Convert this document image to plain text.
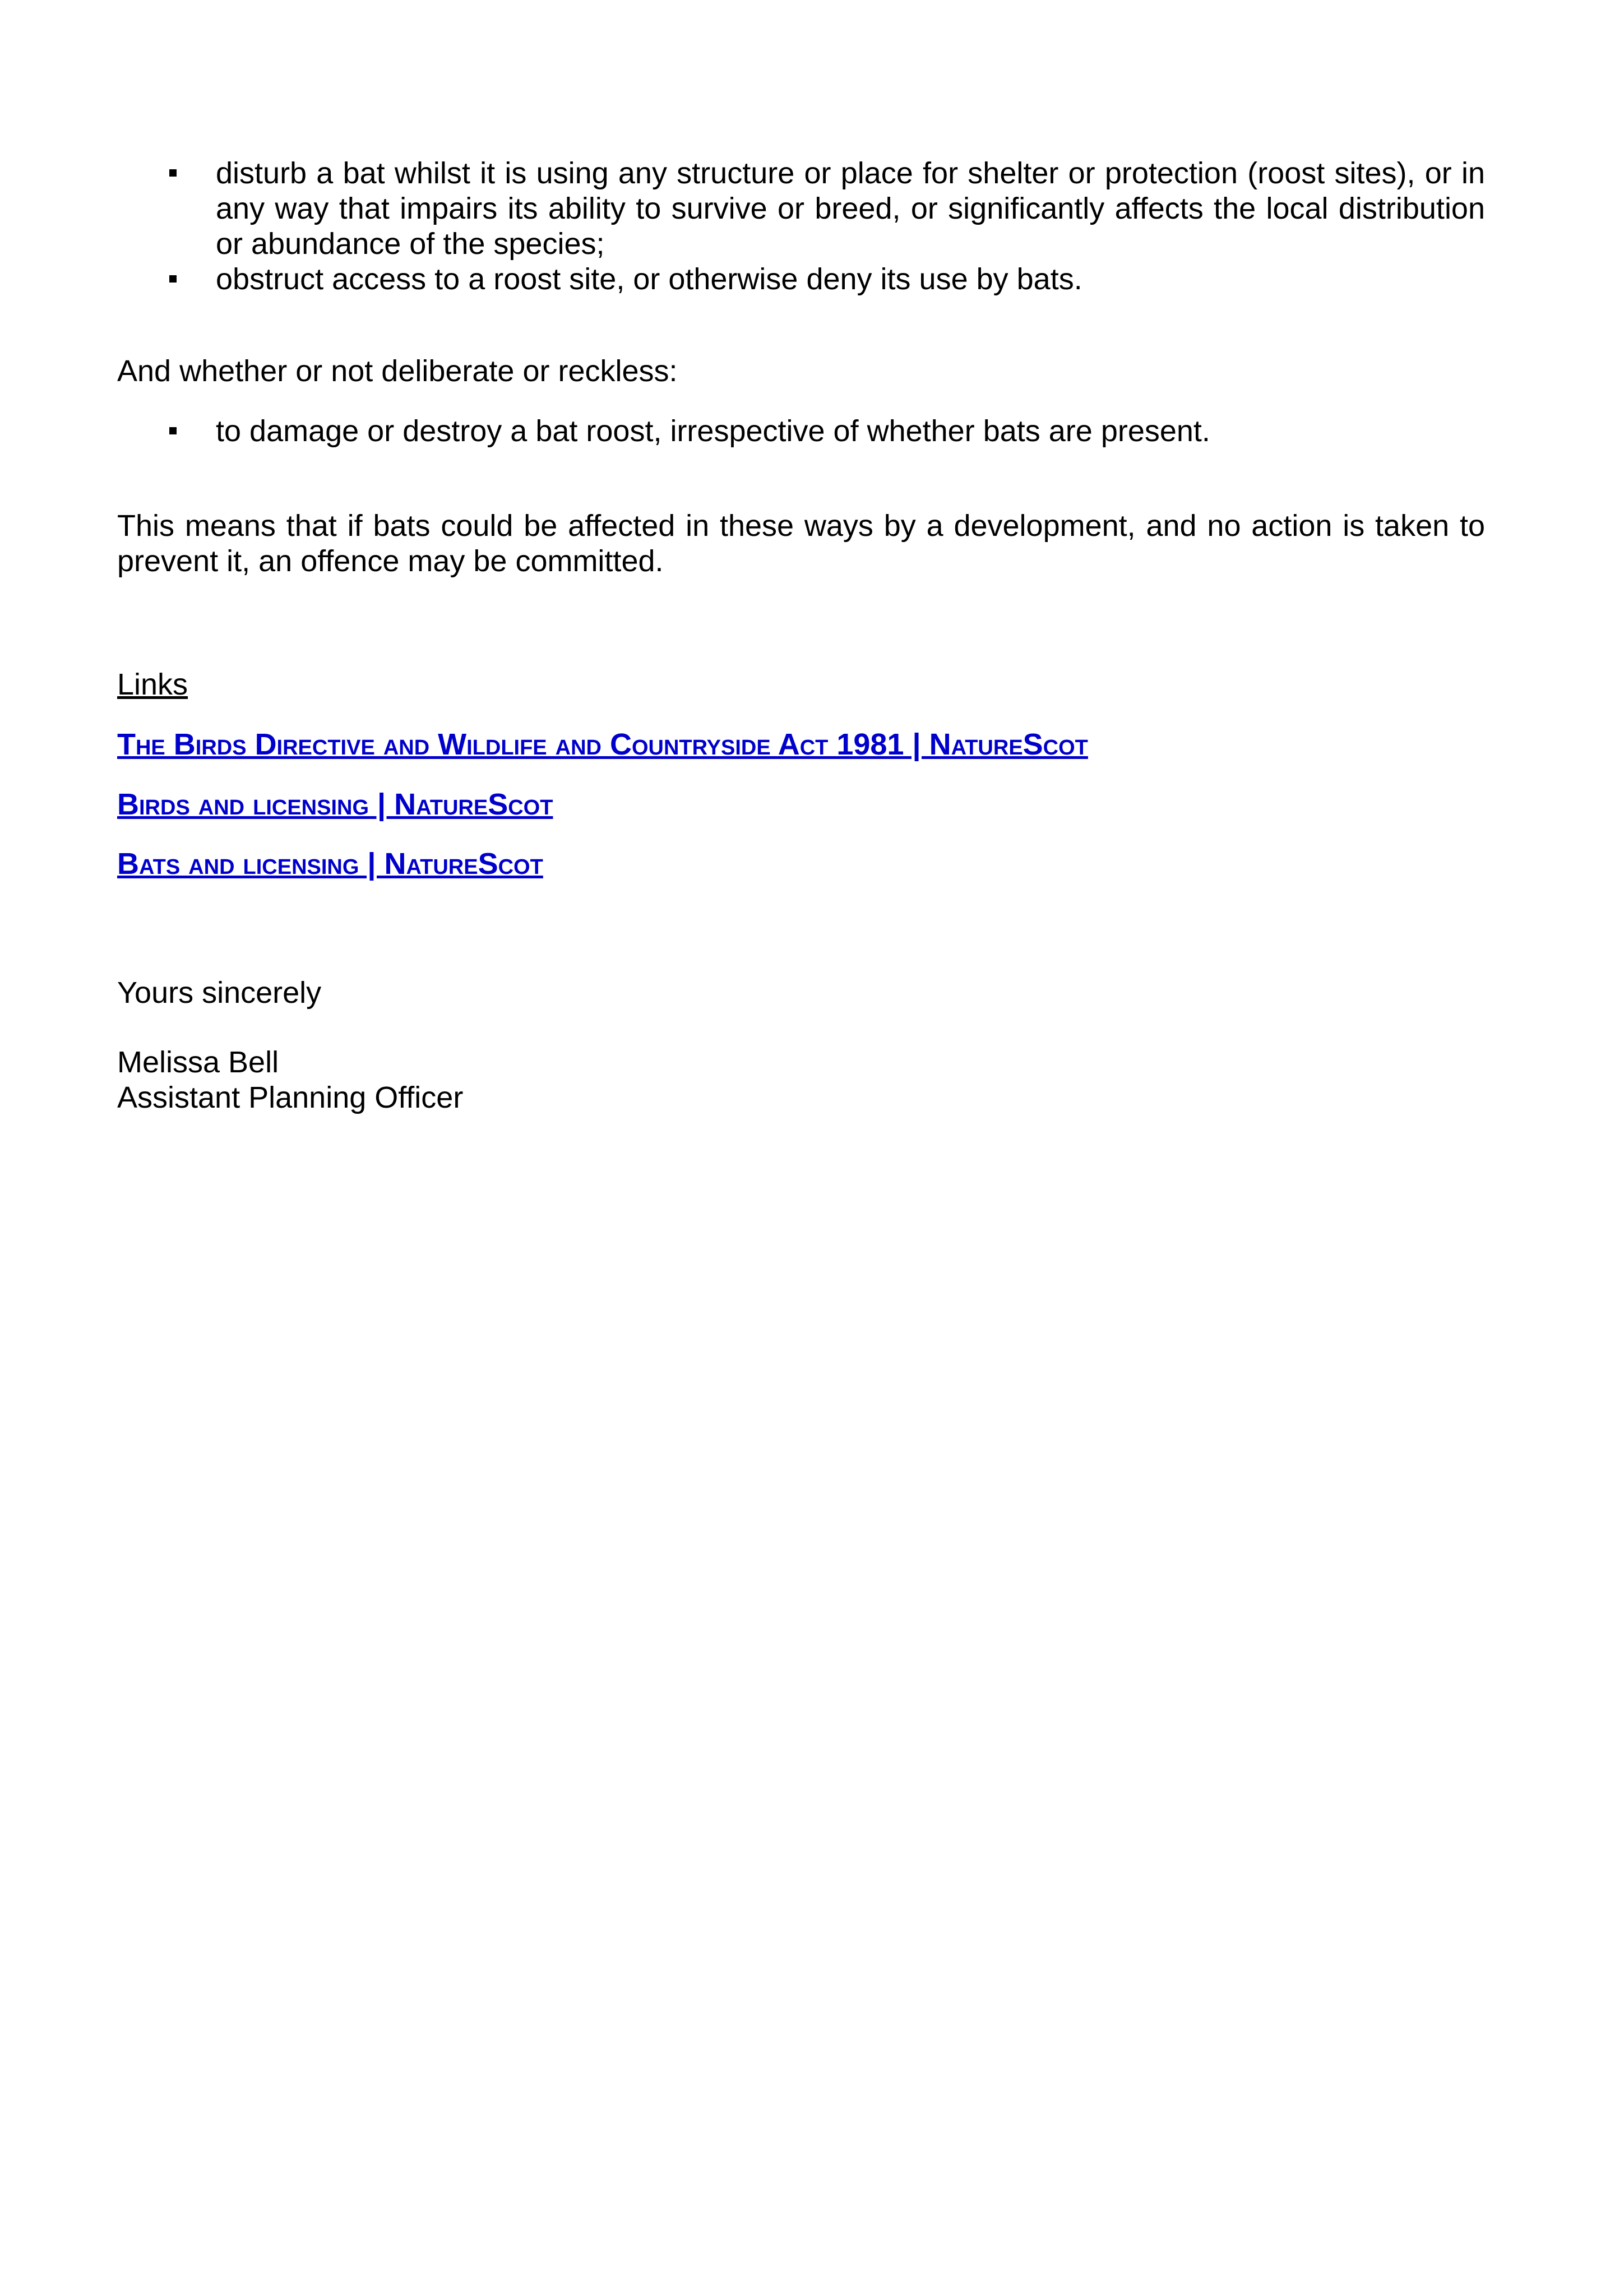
disturb a bat whilst it is using any structure or place for shelter or protection (roost sites), or in any way that impairs its ability to survive or breed, or significantly affects the local distribution or abundance of the species;
obstruct access to a roost site, or otherwise deny its use by bats.
And whether or not deliberate or reckless:
to damage or destroy a bat roost, irrespective of whether bats are present.
This means that if bats could be affected in these ways by a development, and no action is taken to prevent it, an offence may be committed.
Links
The Birds Directive and Wildlife and Countryside Act 1981 | NatureScot
Birds and licensing | NatureScot
Bats and licensing | NatureScot
Yours sincerely
Melissa Bell
Assistant Planning Officer
